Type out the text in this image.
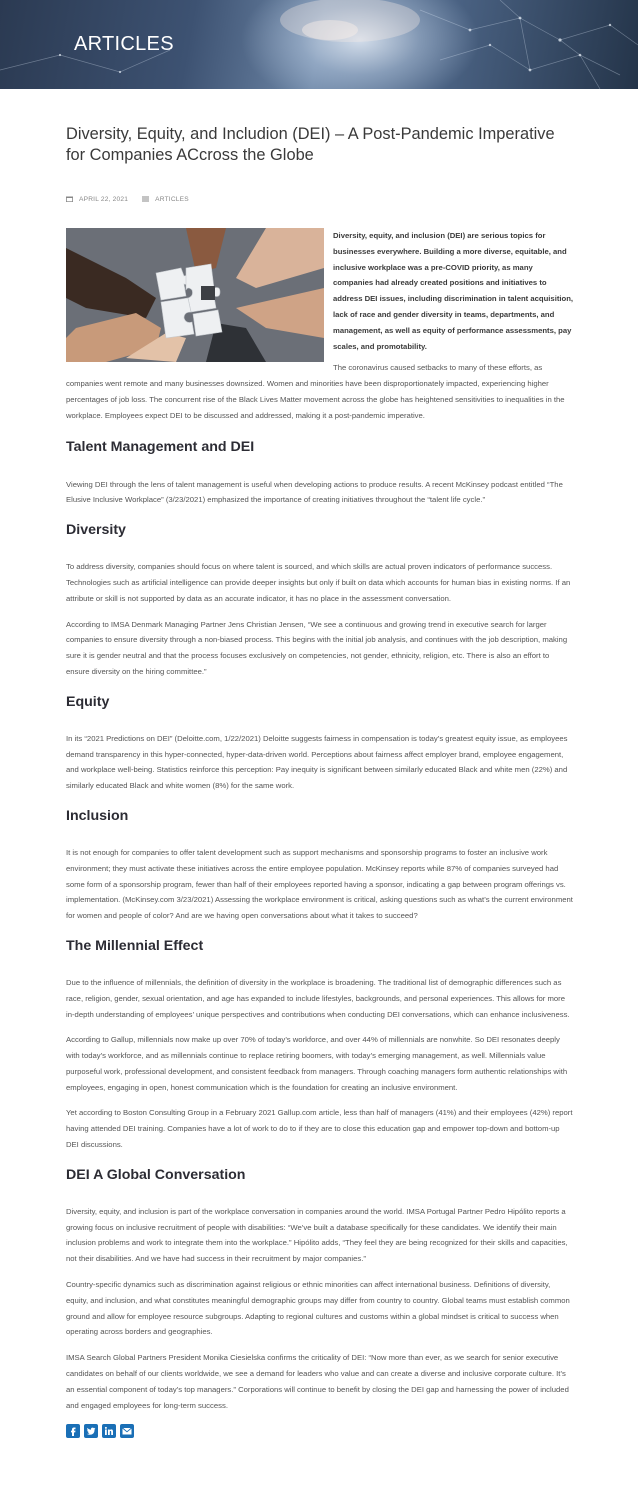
ARTICLES
Diversity, Equity, and Includion (DEI) – A Post-Pandemic Imperative for Companies ACcross the Globe
APRIL 22, 2021	ARTICLES

Diversity, equity, and inclusion (DEI) are serious topics for businesses everywhere. Building a more diverse, equitable, and inclusive workplace was a pre-COVID priority, as many companies had already created positions and initiatives to address DEI issues, including discrimination in talent acquisition, lack of race and gender diversity in teams, departments, and management, as well as equity of performance assessments, pay scales, and promotability.

The coronavirus caused setbacks to many of these efforts, as companies went remote and many businesses downsized. Women and minorities have been disproportionately impacted, experiencing higher percentages of job loss. The concurrent rise of the Black Lives Matter movement across the globe has heightened sensitivities to inequalities in the workplace. Employees expect DEI to be discussed and addressed, making it a post-pandemic imperative.

Talent Management and DEI

Viewing DEI through the lens of talent management is useful when developing actions to produce results. A recent McKinsey podcast entitled “The Elusive Inclusive Workplace” (3/23/2021) emphasized the importance of creating initiatives throughout the “talent life cycle.”

Diversity

To address diversity, companies should focus on where talent is sourced, and which skills are actual proven indicators of performance success. Technologies such as artificial intelligence can provide deeper insights but only if built on data which accounts for human bias in existing norms. If an attribute or skill is not supported by data as an accurate indicator, it has no place in the assessment conversation.

According to IMSA Denmark Managing Partner Jens Christian Jensen, “We see a continuous and growing trend in executive search for larger companies to ensure diversity through a non-biased process. This begins with the initial job analysis, and continues with the job description, making sure it is gender neutral and that the process focuses exclusively on competencies, not gender, ethnicity, religion, etc. There is also an effort to ensure diversity on the hiring committee.”

Equity

In its “2021 Predictions on DEI” (Deloitte.com, 1/22/2021) Deloitte suggests fairness in compensation is today’s greatest equity issue, as employees demand transparency in this hyper-connected, hyper-data-driven world. Perceptions about fairness affect employer brand, employee engagement, and workplace well-being. Statistics reinforce this perception: Pay inequity is significant between similarly educated Black and white men (22%) and similarly educated Black and white women (8%) for the same work.

Inclusion

It is not enough for companies to offer talent development such as support mechanisms and sponsorship programs to foster an inclusive work environment; they must activate these initiatives across the entire employee population. McKinsey reports while 87% of companies surveyed had some form of a sponsorship program, fewer than half of their employees reported having a sponsor, indicating a gap between program offerings vs. implementation. (McKinsey.com 3/23/2021) Assessing the workplace environment is critical, asking questions such as what’s the current environment for women and people of color? And are we having open conversations about what it takes to succeed?

The Millennial Effect

Due to the influence of millennials, the definition of diversity in the workplace is broadening. The traditional list of demographic differences such as race, religion, gender, sexual orientation, and age has expanded to include lifestyles, backgrounds, and personal experiences. This allows for more in-depth understanding of employees’ unique perspectives and contributions when conducting DEI conversations, which can enhance inclusiveness.

According to Gallup, millennials now make up over 70% of today’s workforce, and over 44% of millennials are nonwhite. So DEI resonates deeply with today’s workforce, and as millennials continue to replace retiring boomers, with today’s emerging management, as well. Millennials value purposeful work, professional development, and consistent feedback from managers. Through coaching managers form authentic relationships with employees, engaging in open, honest communication which is the foundation for creating an inclusive environment.

Yet according to Boston Consulting Group in a February 2021 Gallup.com article, less than half of managers (41%) and their employees (42%) report having attended DEI training. Companies have a lot of work to do to if they are to close this education gap and empower top-down and bottom-up DEI discussions.

DEI A Global Conversation

Diversity, equity, and inclusion is part of the workplace conversation in companies around the world. IMSA Portugal Partner Pedro Hipólito reports a growing focus on inclusive recruitment of people with disabilities: “We’ve built a database specifically for these candidates. We identify their main inclusion problems and work to integrate them into the workplace.” Hipólito adds, “They feel they are being recognized for their skills and capacities, not their disabilities. And we have had success in their recruitment by major companies.”

Country-specific dynamics such as discrimination against religious or ethnic minorities can affect international business. Definitions of diversity, equity, and inclusion, and what constitutes meaningful demographic groups may differ from country to country. Global teams must establish common ground and allow for employee resource subgroups. Adapting to regional cultures and customs within a global mindset is critical to success when operating across borders and geographies.

IMSA Search Global Partners President Monika Ciesielska confirms the criticality of DEI: “Now more than ever, as we search for senior executive candidates on behalf of our clients worldwide, we see a demand for leaders who value and can create a diverse and inclusive corporate culture. It’s an essential component of today’s top managers.” Corporations will continue to benefit by closing the DEI gap and harnessing the power of included and engaged employees for long-term success.
